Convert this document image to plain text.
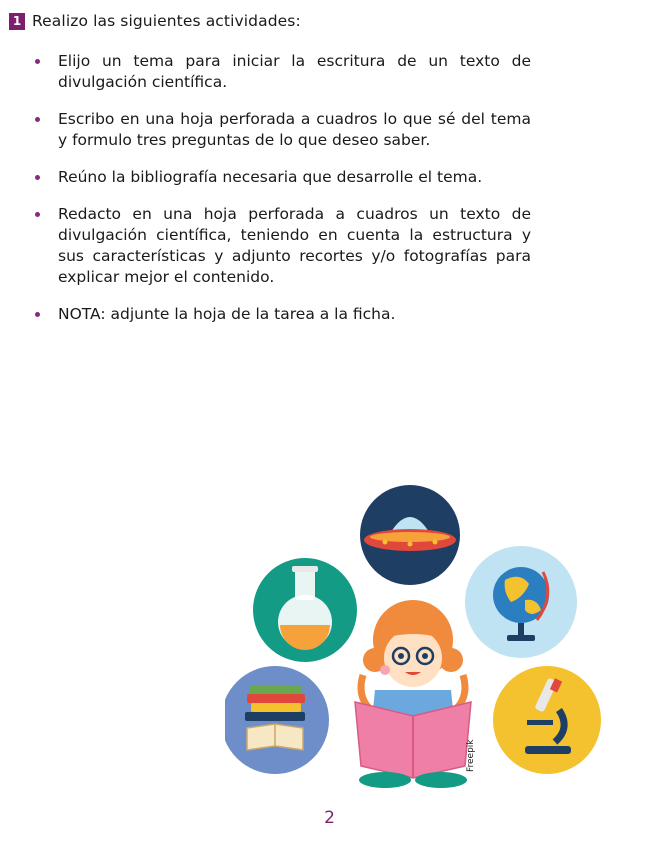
1 Realizo las siguientes actividades:
Elijo un tema para iniciar la escritura de un texto de divulgación científica.
Escribo en una hoja perforada a cuadros lo que sé del tema y formulo tres preguntas de lo que deseo saber.
Reúno la bibliografía necesaria que desarrolle el tema.
Redacto en una hoja perforada a cuadros un texto de divulgación científica, teniendo en cuenta la estructura y sus características y adjunto recortes y/o fotografías para explicar mejor el contenido.
NOTA: adjunte la hoja de la tarea a la ficha.
Freepik
2
